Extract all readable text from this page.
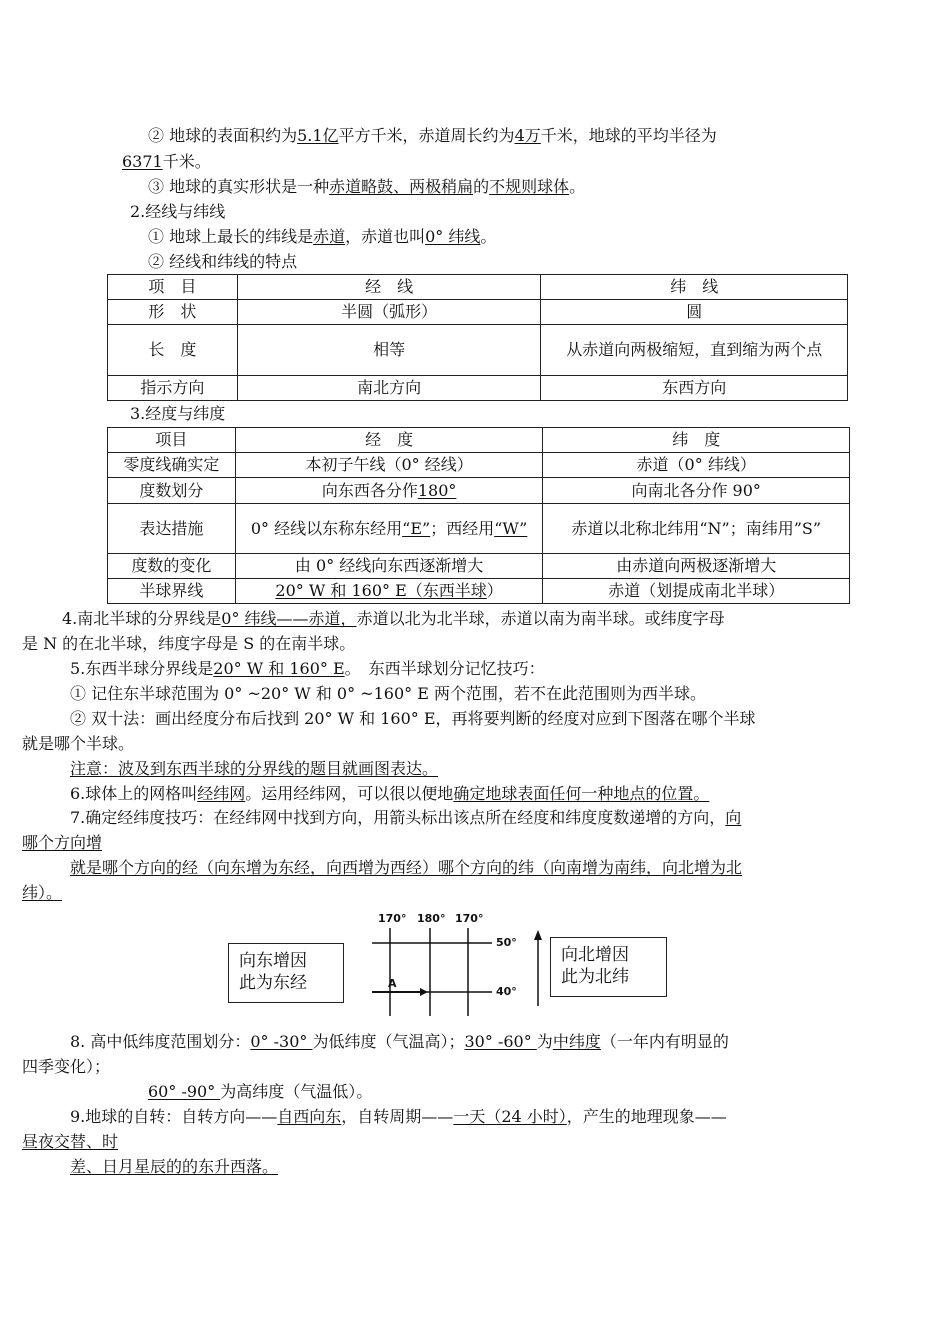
② 地球的表面积约为5.1亿平方千米，赤道周长约为4万千米，地球的平均半径为
6371千米。
③ 地球的真实形状是一种赤道略鼓、两极稍扁的不规则球体。
2.经线与纬线
① 地球上最长的纬线是赤道，赤道也叫0° 纬线。
② 经线和纬线的特点
项　目	经　线	纬　线
形　状	半圆（弧形）	圆
长　度	相等	从赤道向两极缩短，直到缩为两个点
指示方向	南北方向	东西方向
3.经度与纬度
项目	经　度	纬　度
零度线确实定	本初子午线（0° 经线）	赤道（0° 纬线）
度数划分	向东西各分作180°	向南北各分作 90°
表达措施	0° 经线以东称东经用“E”；西经用“W”	赤道以北称北纬用“N”；南纬用”S”
度数的变化	由 0° 经线向东西逐渐增大	由赤道向两极逐渐增大
半球界线	20° W 和 160° E（东西半球）	赤道（划提成南北半球）
4.南北半球的分界线是0° 纬线——赤道，赤道以北为北半球，赤道以南为南半球。或纬度字母
是 N 的在北半球，纬度字母是 S 的在南半球。
5.东西半球分界线是20° W 和 160° E。　东西半球划分记忆技巧：
① 记住东半球范围为 0° ~20° W 和 0° ~160° E 两个范围，若不在此范围则为西半球。
② 双十法：画出经度分布后找到 20° W 和 160° E，再将要判断的经度对应到下图落在哪个半球
就是哪个半球。
注意：波及到东西半球的分界线的题目就画图表达。
6.球体上的网格叫经纬网。运用经纬网，可以很以便地确定地球表面任何一种地点的位置。
7.确定经纬度技巧：在经纬网中找到方向，用箭头标出该点所在经度和纬度度数递增的方向，向
哪个方向增
就是哪个方向的经（向东增为东经，向西增为西经）哪个方向的纬（向南增为南纬，向北增为北
纬）。
向东增因
此为东经
向北增因
此为北纬
170° 180° 170°
50°
40°
A
8. 高中低纬度范围划分：0° -30° 为低纬度（气温高）；30° -60° 为中纬度（一年内有明显的
四季变化）；
60° -90° 为高纬度（气温低）。
9.地球的自转：自转方向——自西向东，自转周期——一天（24 小时），产生的地理现象——
昼夜交替、时
差、日月星辰的的东升西落。
